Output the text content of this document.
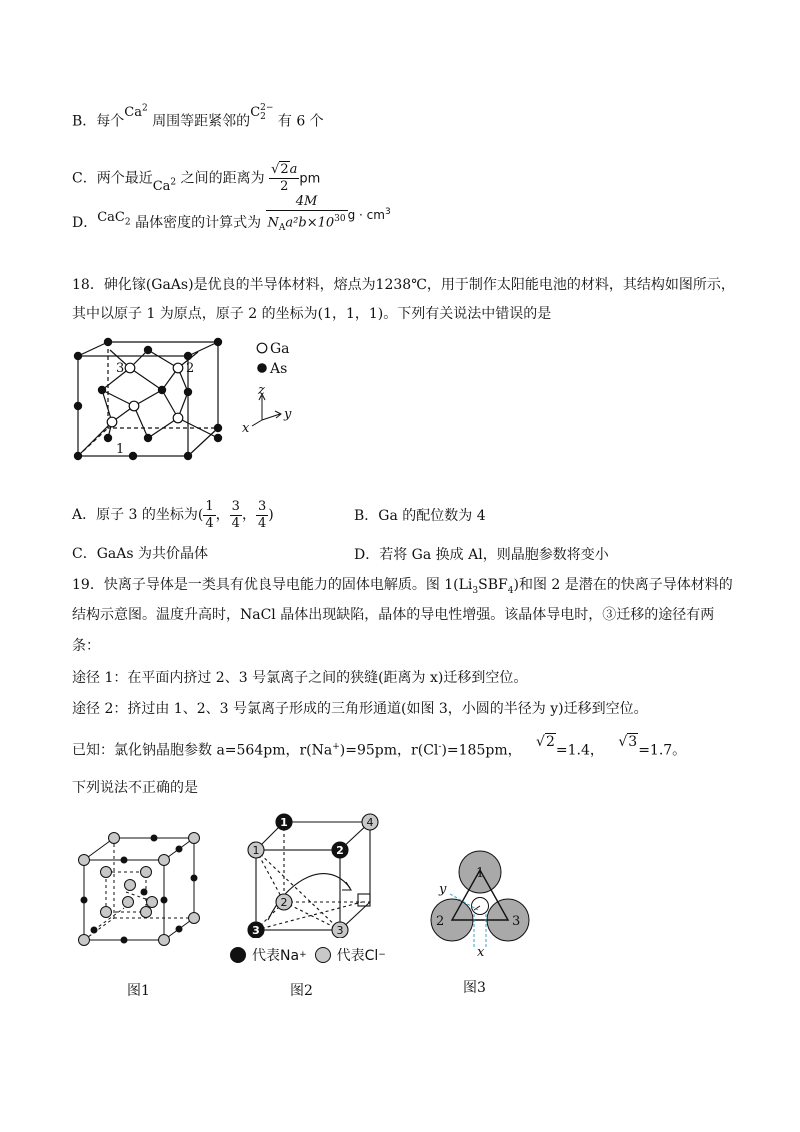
B．每个Ca$^2$ 周围等距紧邻的C 2−
2 有 6 个
C．两个最近Ca$^2$ 之间的距离为 $\frac{√2a}{2}$ pm
D．CaC$_2$ 晶体密度的计算式为 $\frac{4M}{N_Aa^2b\times 10^{30}}$ $g \cdot cm^3$
18．砷化镓(GaAs)是优良的半导体材料，熔点为1238℃，用于制作太阳能电池的材料，其结构如图所示，
其中以原子 1 为原点，原子 2 的坐标为(1，1，1)。下列有关说法中错误的是
3	2
1
Ga
As
z
y
x
A．原子 3 的坐标为( $\frac{1}{4}$ ， $\frac{3}{4}$ ， $\frac{3}{4}$ )	B．Ga 的配位数为 4
C．GaAs 为共价晶体	D．若将 Ga 换成 Al，则晶胞参数将变小
19．快离子导体是一类具有优良导电能力的固体电解质。图 $1(Li_3SBF_4)$和图 2 是潜在的快离子导体材料的
结构示意图。温度升高时，NaCl 晶体出现缺陷，晶体的导电性增强。该晶体导电时，③迁移的途径有两
条：
途径 1：在平面内挤过 2、3 号氯离子之间的狭缝(距离为 x)迁移到空位。
途径 2：挤过由 1、2、3 号氯离子形成的三角形通道(如图 3，小圆的半径为 y)迁移到空位。
已知：氯化钠晶胞参数 a=564pm，r(Na+)=95pm，r(Cl-)=185pm， √2=1.4， √3=1.7。
下列说法不正确的是
1
2
3
1
4
2
3
代表Na + 代表Cl −
1
2	3
y
x
图1	图2	图3
